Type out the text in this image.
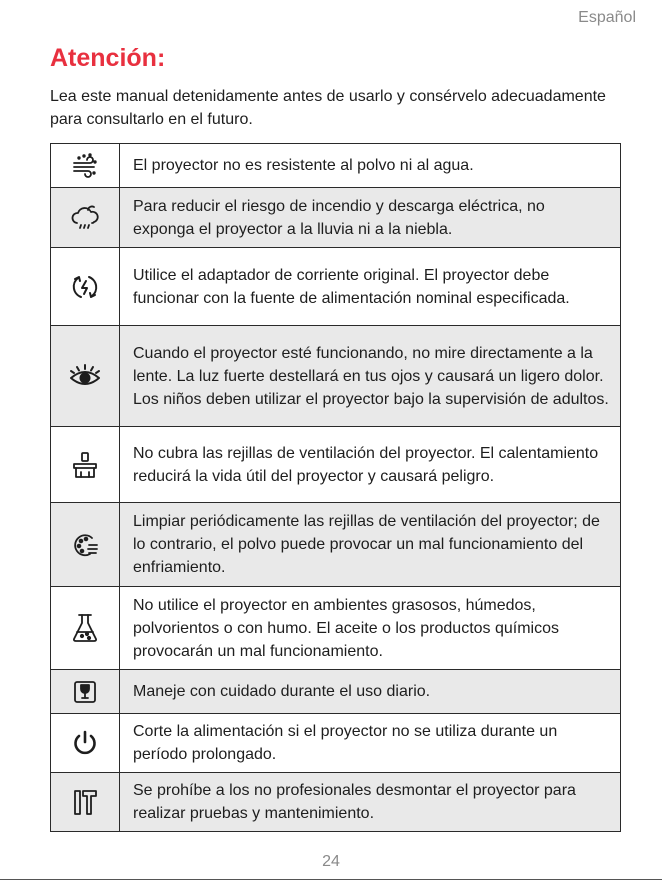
Español
Atención:

Lea este manual detenidamente antes de usarlo y consérvelo adecuadamente para consultarlo en el futuro.

	El proyector no es resistente al polvo ni al agua.

	Para reducir el riesgo de incendio y descarga eléctrica, no exponga el proyector a la lluvia ni a la niebla.

	Utilice el adaptador de corriente original. El proyector debe funcionar con la fuente de alimentación nominal especificada.

	Cuando el proyector esté funcionando, no mire directamente a la lente. La luz fuerte destellará en tus ojos y causará un ligero dolor. Los niños deben utilizar el proyector bajo la supervisión de adultos.

	No cubra las rejillas de ventilación del proyector. El calentamiento reducirá la vida útil del proyector y causará peligro.

	Limpiar periódicamente las rejillas de ventilación del proyector; de lo contrario, el polvo puede provocar un mal funcionamiento del enfriamiento.

	No utilice el proyector en ambientes grasosos, húmedos, polvorientos o con humo. El aceite o los productos químicos provocarán un mal funcionamiento.

	Maneje con cuidado durante el uso diario.

	Corte la alimentación si el proyector no se utiliza durante un período prolongado.

	Se prohíbe a los no profesionales desmontar el proyector para realizar pruebas y mantenimiento.
24
